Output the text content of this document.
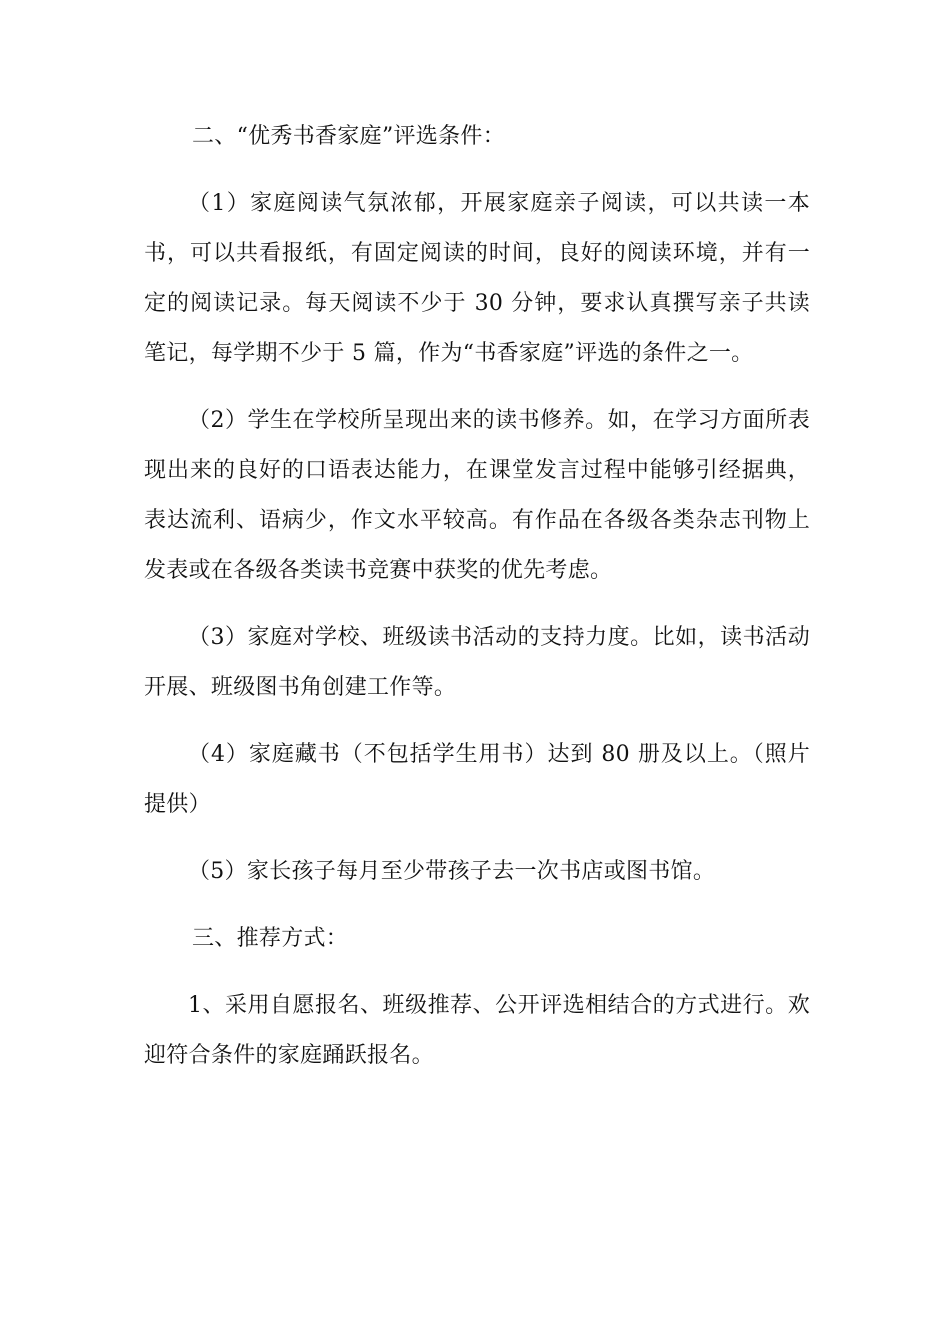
二、“优秀书香家庭”评选条件：

（1）家庭阅读气氛浓郁，开展家庭亲子阅读，可以共读一本书，可以共看报纸，有固定阅读的时间，良好的阅读环境，并有一定的阅读记录。每天阅读不少于 30 分钟，要求认真撰写亲子共读笔记，每学期不少于 5 篇，作为“书香家庭”评选的条件之一。

（2）学生在学校所呈现出来的读书修养。如，在学习方面所表现出来的良好的口语表达能力，在课堂发言过程中能够引经据典，表达流利、语病少，作文水平较高。有作品在各级各类杂志刊物上发表或在各级各类读书竞赛中获奖的优先考虑。

（3）家庭对学校、班级读书活动的支持力度。比如，读书活动开展、班级图书角创建工作等。

（4）家庭藏书（不包括学生用书）达到 80 册及以上。（照片提供）

（5）家长孩子每月至少带孩子去一次书店或图书馆。

三、推荐方式：

1、采用自愿报名、班级推荐、公开评选相结合的方式进行。欢迎符合条件的家庭踊跃报名。
